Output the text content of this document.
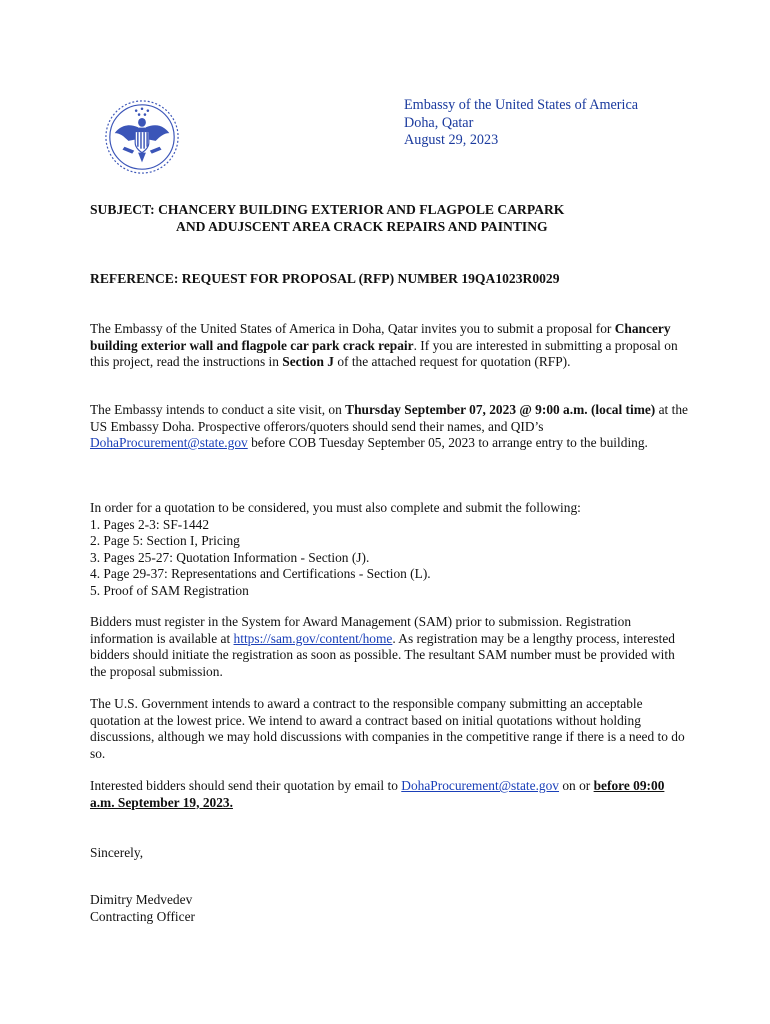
Embassy of the United States of America
Doha, Qatar
August 29, 2023
SUBJECT: CHANCERY BUILDING EXTERIOR AND FLAGPOLE CARPARK
AND ADUJSCENT AREA CRACK REPAIRS AND PAINTING
REFERENCE: REQUEST FOR PROPOSAL (RFP) NUMBER 19QA1023R0029

The Embassy of the United States of America in Doha, Qatar invites you to submit a proposal for Chancery building exterior wall and flagpole car park crack repair. If you are interested in submitting a proposal on this project, read the instructions in Section J of the attached request for quotation (RFP).

The Embassy intends to conduct a site visit, on Thursday September 07, 2023 @ 9:00 a.m. (local time) at the US Embassy Doha. Prospective offerors/quoters should send their names, and QID’s DohaProcurement@state.gov before COB Tuesday September 05, 2023 to arrange entry to the building.

In order for a quotation to be considered, you must also complete and submit the following:
1. Pages 2-3: SF-1442
2. Page 5: Section I, Pricing
3. Pages 25-27: Quotation Information - Section (J).
4. Page 29-37: Representations and Certifications - Section (L).
5. Proof of SAM Registration

Bidders must register in the System for Award Management (SAM) prior to submission. Registration information is available at https://sam.gov/content/home. As registration may be a lengthy process, interested bidders should initiate the registration as soon as possible. The resultant SAM number must be provided with the proposal submission.

The U.S. Government intends to award a contract to the responsible company submitting an acceptable quotation at the lowest price. We intend to award a contract based on initial quotations without holding discussions, although we may hold discussions with companies in the competitive range if there is a need to do so.

Interested bidders should send their quotation by email to DohaProcurement@state.gov on or before 09:00 a.m. September 19, 2023.

Sincerely,
Dimitry Medvedev
Contracting Officer
